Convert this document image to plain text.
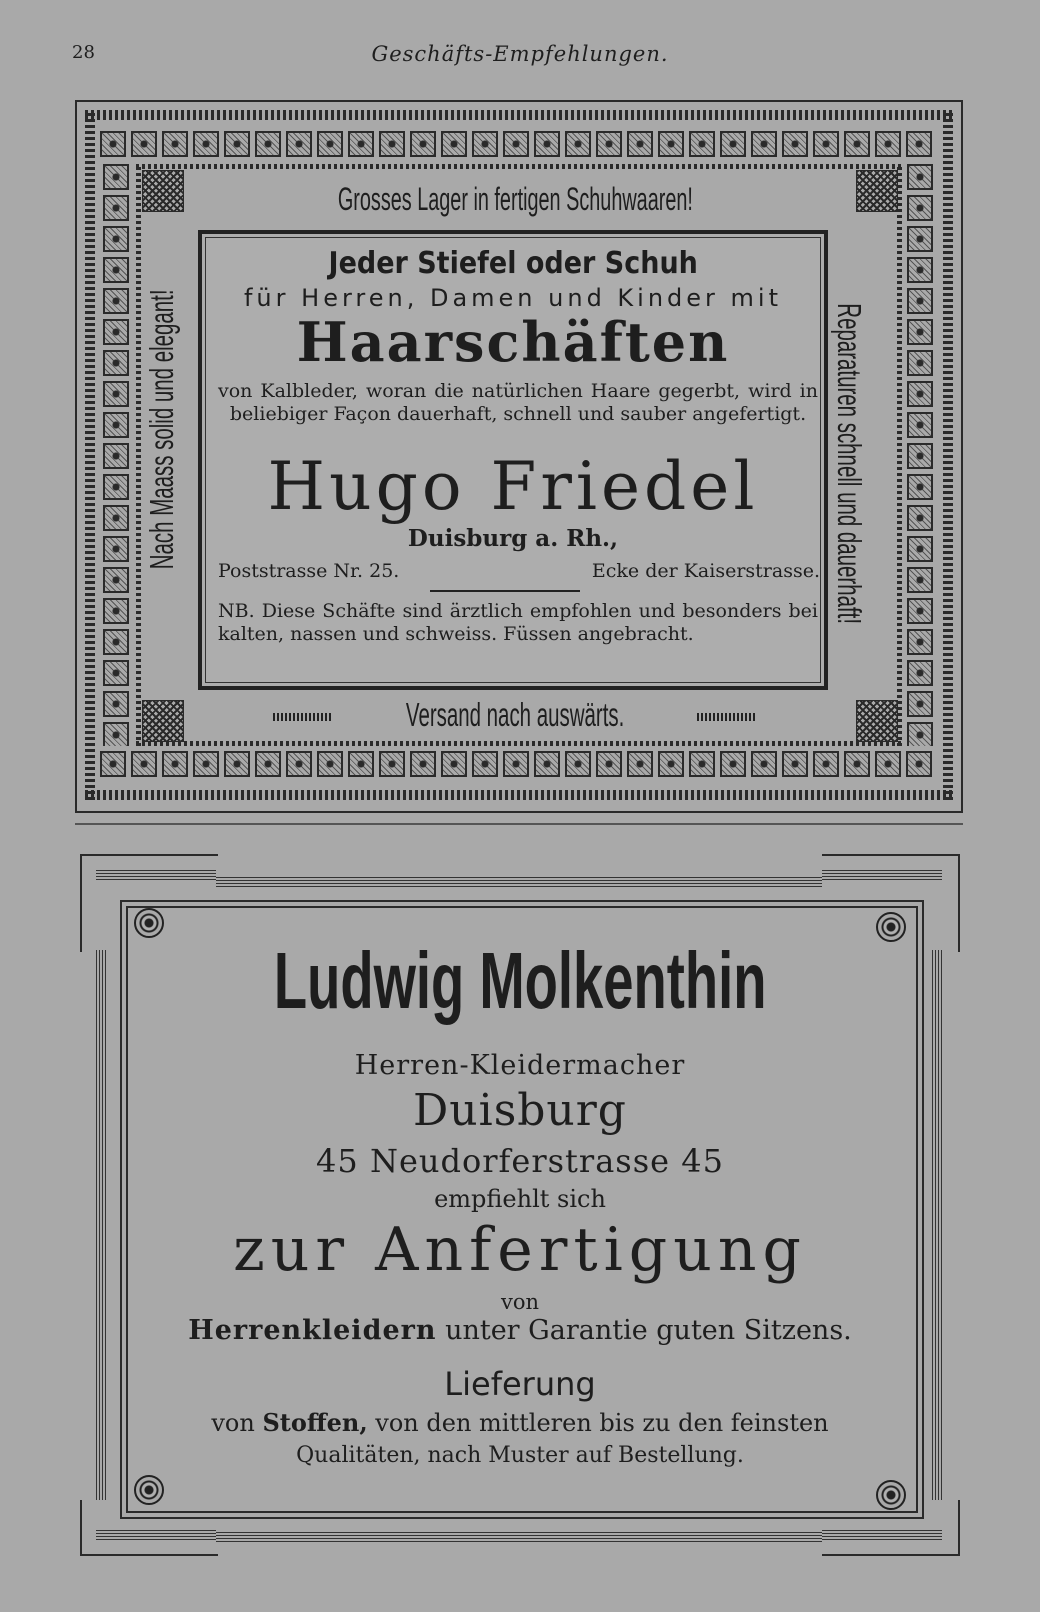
28	Geschäfts-Empfehlungen.
Grosses Lager in fertigen Schuhwaaren!
Nach Maass solid und elegant!	Reparaturen schnell und dauerhaft!
Versand nach auswärts.
Jeder Stiefel oder Schuh
für Herren, Damen und Kinder mit
Haarschäften
von Kalbleder, woran die natürlichen Haare gegerbt, wird in beliebiger Façon dauerhaft, schnell und sauber angefertigt.
Hugo Friedel
Duisburg a. Rh.,
Poststrasse Nr. 25.	Ecke der Kaiserstrasse.
NB. Diese Schäfte sind ärztlich empfohlen und besonders bei kalten, nassen und schweiss. Füssen angebracht.
Ludwig Molkenthin
Herren-Kleidermacher
Duisburg
45 Neudorferstrasse 45
empfiehlt sich
zur Anfertigung
von
Herrenkleidern unter Garantie guten Sitzens.
Lieferung
von Stoffen, von den mittleren bis zu den feinsten
Qualitäten, nach Muster auf Bestellung.
